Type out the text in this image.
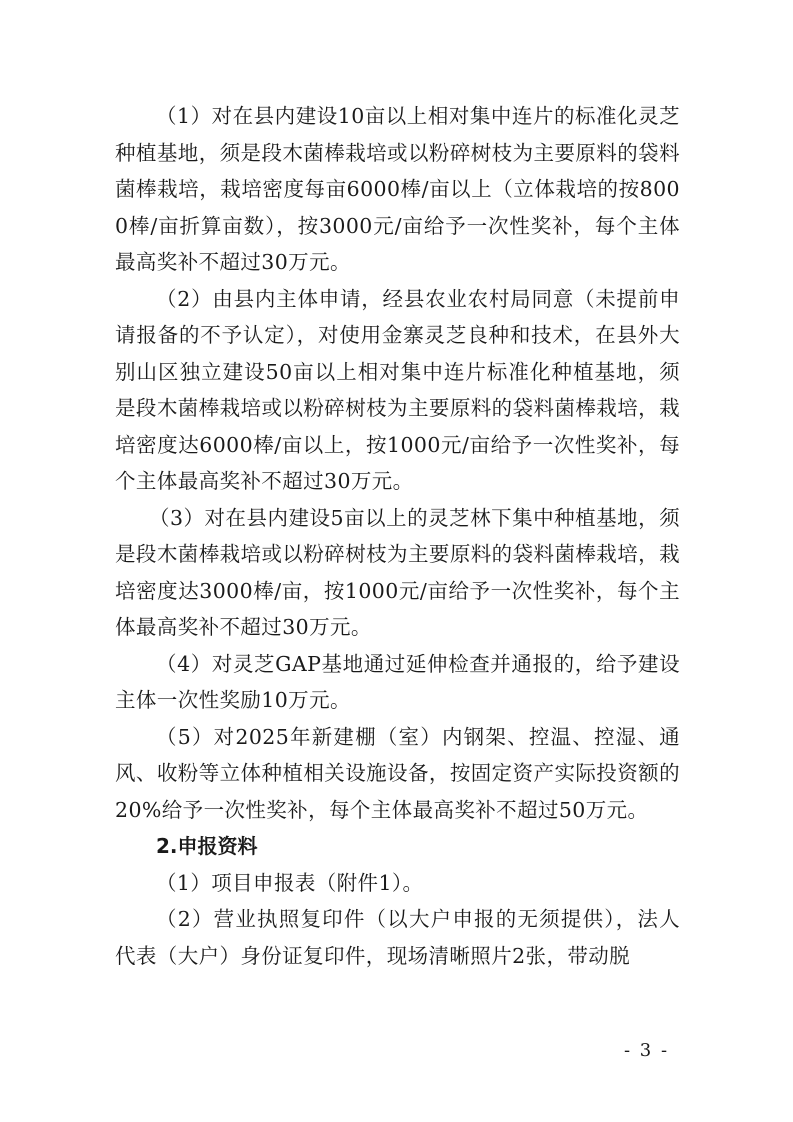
（1）对在县内建设10亩以上相对集中连片的标准化灵芝种植基地，须是段木菌棒栽培或以粉碎树枝为主要原料的袋料菌棒栽培，栽培密度每亩6000棒/亩以上（立体栽培的按8000棒/亩折算亩数），按3000元/亩给予一次性奖补，每个主体最高奖补不超过30万元。

（2）由县内主体申请，经县农业农村局同意（未提前申请报备的不予认定），对使用金寨灵芝良种和技术，在县外大别山区独立建设50亩以上相对集中连片标准化种植基地，须是段木菌棒栽培或以粉碎树枝为主要原料的袋料菌棒栽培，栽培密度达6000棒/亩以上，按1000元/亩给予一次性奖补，每个主体最高奖补不超过30万元。

（3）对在县内建设5亩以上的灵芝林下集中种植基地，须是段木菌棒栽培或以粉碎树枝为主要原料的袋料菌棒栽培，栽培密度达3000棒/亩，按1000元/亩给予一次性奖补，每个主体最高奖补不超过30万元。

（4）对灵芝GAP基地通过延伸检查并通报的，给予建设主体一次性奖励10万元。

（5）对2025年新建棚（室）内钢架、控温、控湿、通风、收粉等立体种植相关设施设备，按固定资产实际投资额的20%给予一次性奖补，每个主体最高奖补不超过50万元。

2.申报资料

（1）项目申报表（附件1）。

（2）营业执照复印件（以大户申报的无须提供），法人代表（大户）身份证复印件，现场清晰照片2张，带动脱

- 3 -
